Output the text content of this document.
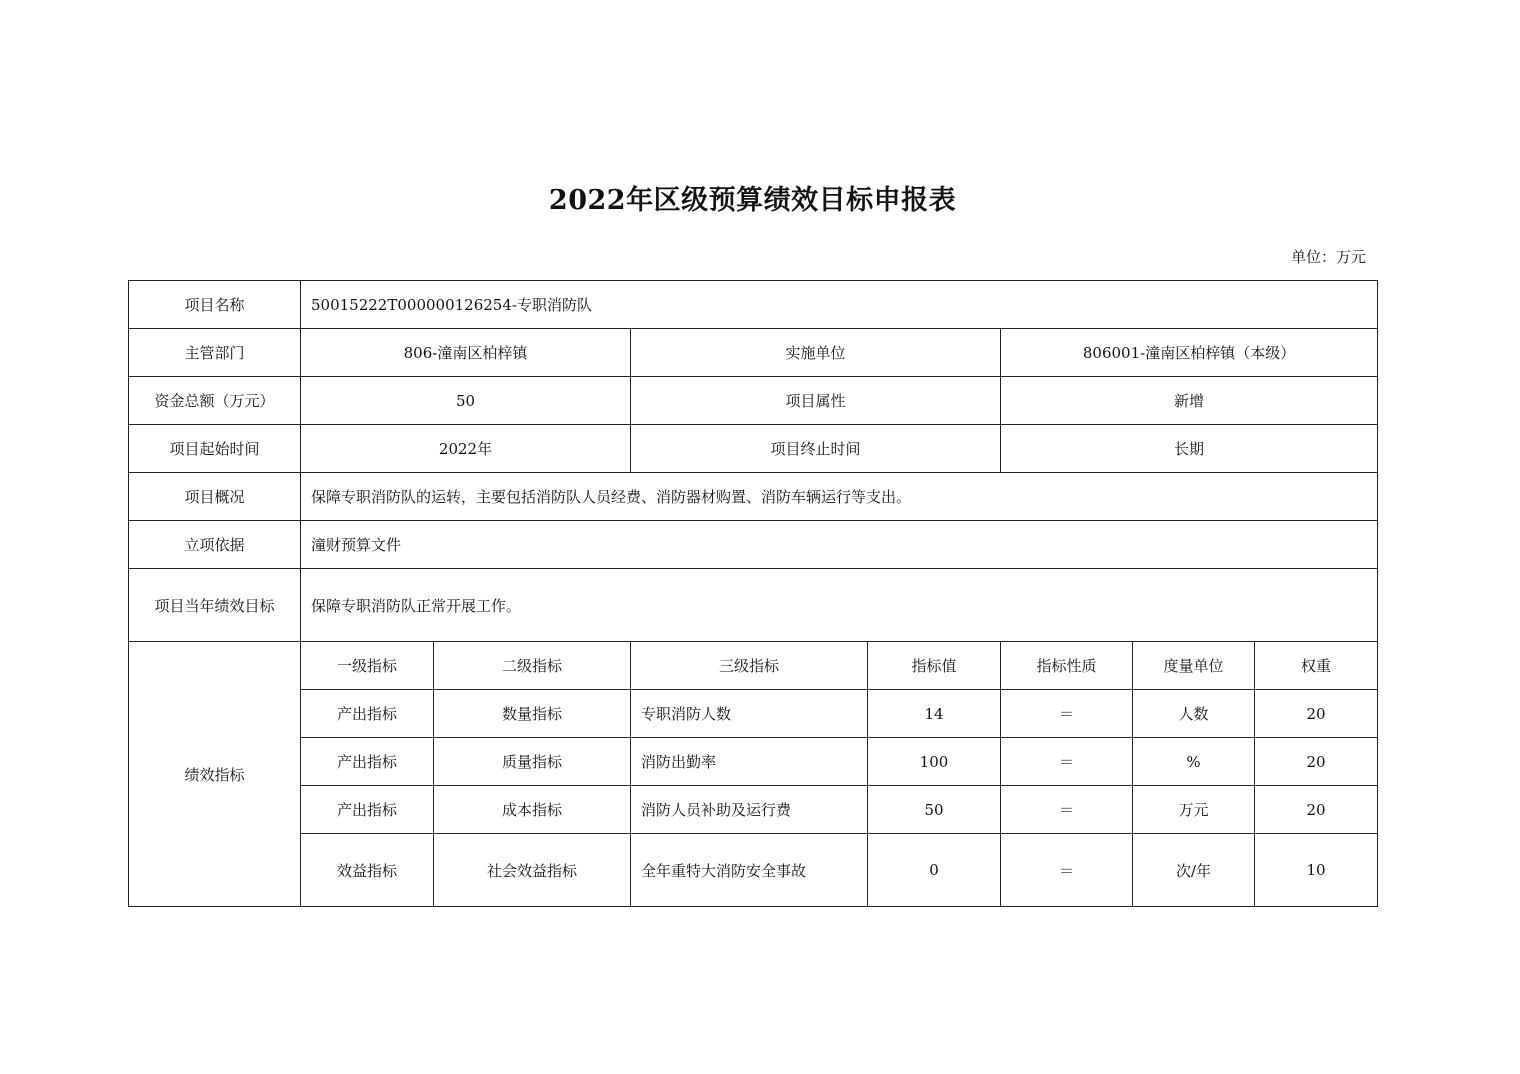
2022年区级预算绩效目标申报表
单位：万元
项目名称	50015222T000000126254-专职消防队						
主管部门	806-潼南区柏梓镇		实施单位		806001-潼南区柏梓镇（本级）		
资金总额（万元）	50		项目属性		新增		
项目起始时间	2022年		项目终止时间		长期		
项目概况	保障专职消防队的运转，主要包括消防队人员经费、消防器材购置、消防车辆运行等支出。						
立项依据	潼财预算文件						
项目当年绩效目标	保障专职消防队正常开展工作。						
绩效指标	一级指标	二级指标	三级指标	指标值	指标性质	度量单位	权重
	产出指标	数量指标	专职消防人数	14	＝	人数	20
	产出指标	质量指标	消防出勤率	100	＝	%	20
	产出指标	成本指标	消防人员补助及运行费	50	＝	万元	20
	效益指标	社会效益指标	全年重特大消防安全事故	0	＝	次/年	10
